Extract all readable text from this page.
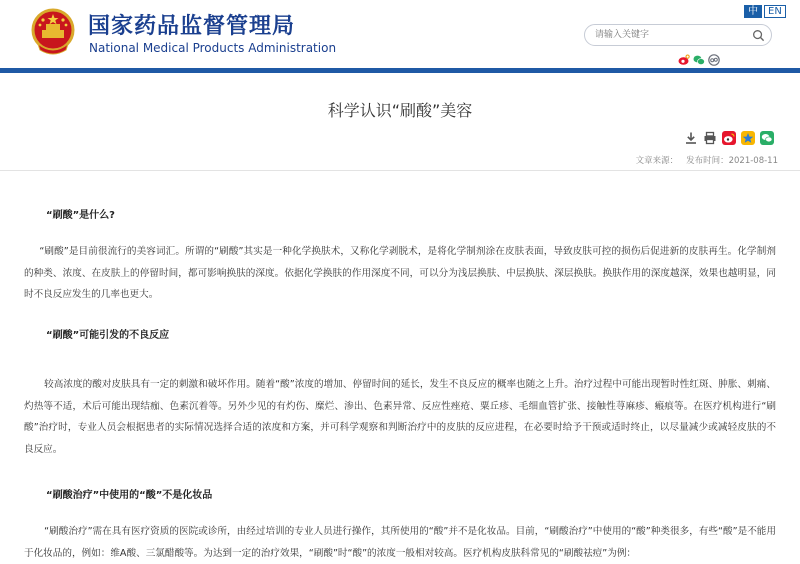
国家药品监督管理局
National Medical Products Administration
中	EN
请输入关键字
科学认识“刷酸”美容
文章来源： 发布时间：2021-08-11
“刷酸”是什么?
“刷酸”是目前很流行的美容词汇。所谓的“刷酸”其实是一种化学换肤术，又称化学剥脱术，是将化学制剂涂在皮肤表面，导致皮肤可控的损伤后促进新的皮肤再生。化学制剂的种类、浓度、在皮肤上的停留时间，都可影响换肤的深度。依据化学换肤的作用深度不同，可以分为浅层换肤、中层换肤、深层换肤。换肤作用的深度越深，效果也越明显，同时不良反应发生的几率也更大。
“刷酸”可能引发的不良反应
较高浓度的酸对皮肤具有一定的刺激和破坏作用。随着“酸”浓度的增加、停留时间的延长，发生不良反应的概率也随之上升。治疗过程中可能出现暂时性红斑、肿胀、刺痛、灼热等不适，术后可能出现结痂、色素沉着等。另外少见的有灼伤、糜烂、渗出、色素异常、反应性痤疮、粟丘疹、毛细血管扩张、接触性荨麻疹、瘢痕等。在医疗机构进行“刷酸”治疗时，专业人员会根据患者的实际情况选择合适的浓度和方案，并可科学观察和判断治疗中的皮肤的反应进程，在必要时给予干预或适时终止，以尽量减少或减轻皮肤的不良反应。
“刷酸治疗”中使用的“酸”不是化妆品
“刷酸治疗”需在具有医疗资质的医院或诊所，由经过培训的专业人员进行操作，其所使用的“酸”并不是化妆品。目前，“刷酸治疗”中使用的“酸”种类很多，有些“酸”是不能用于化妆品的，例如：维A酸、三氯醋酸等。为达到一定的治疗效果，“刷酸”时“酸”的浓度一般相对较高。医疗机构皮肤科常见的“刷酸祛痘”为例：
